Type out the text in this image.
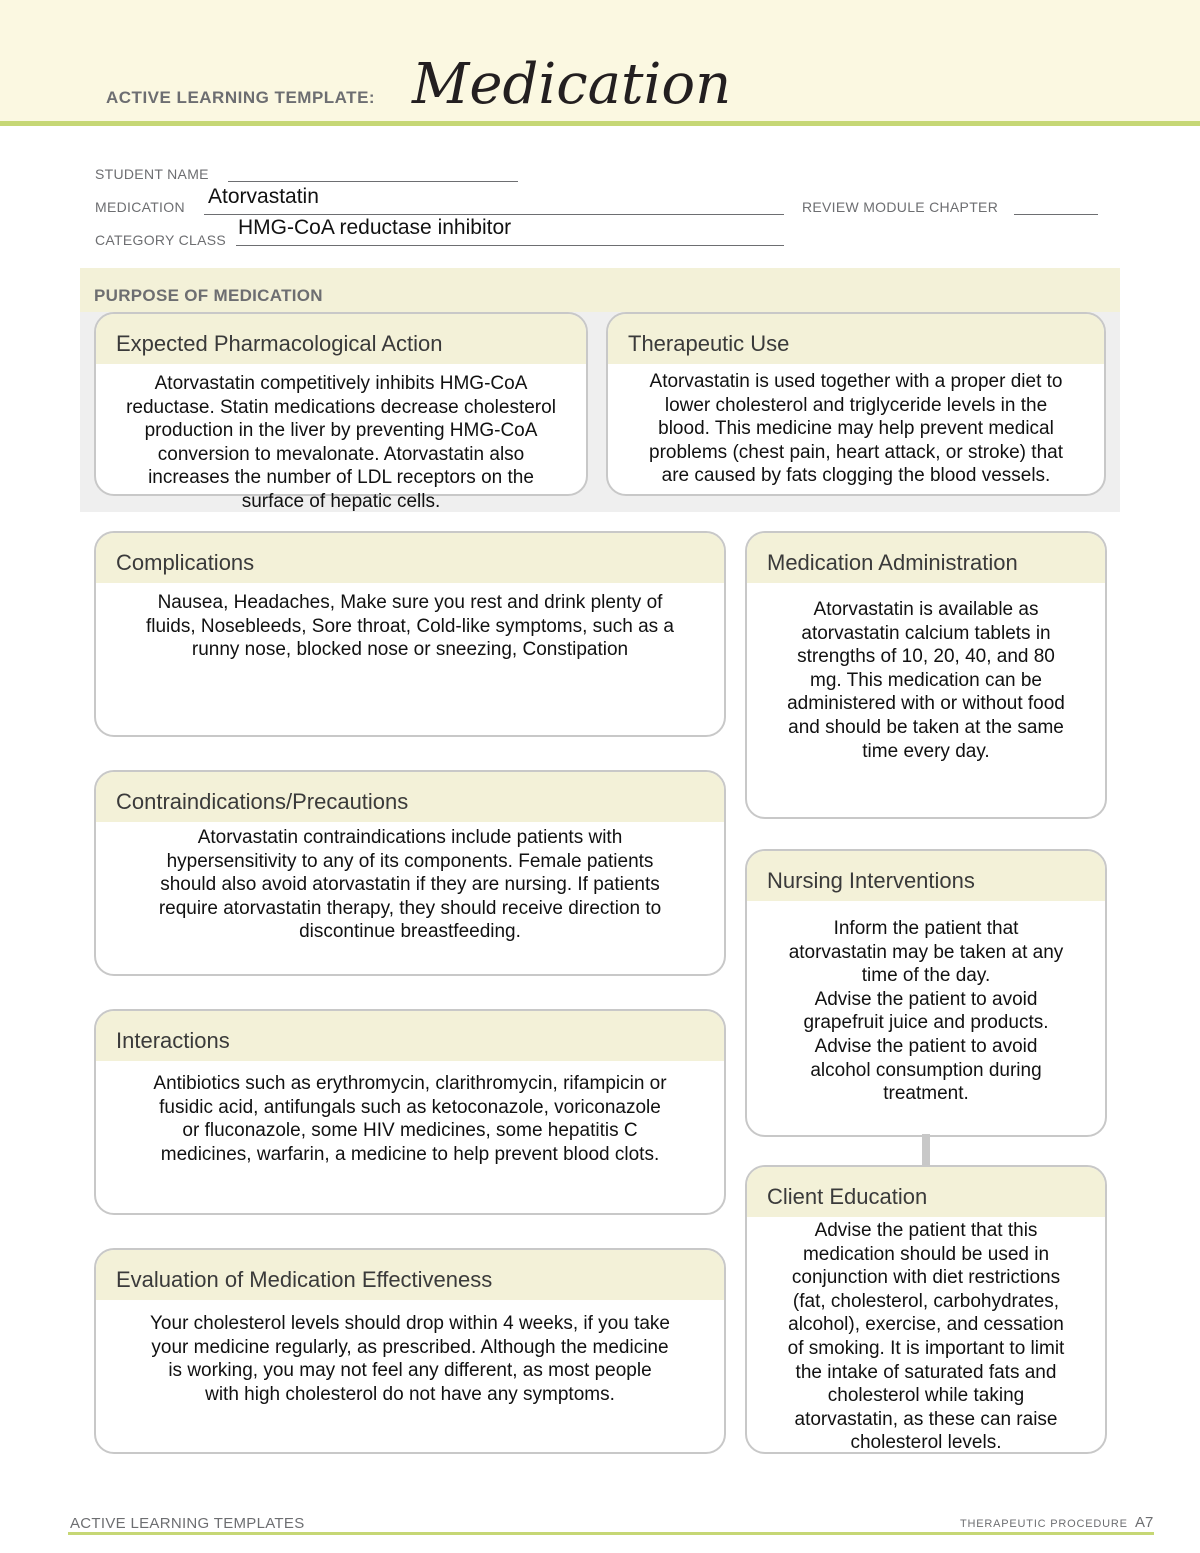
ACTIVE LEARNING TEMPLATE: Medication
STUDENT NAME
MEDICATION Atorvastatin	REVIEW MODULE CHAPTER
CATEGORY CLASS
HMG-CoA reductase inhibitor
PURPOSE OF MEDICATION
Expected Pharmacological Action
Atorvastatin competitively inhibits HMG-CoA
reductase. Statin medications decrease cholesterol
production in the liver by preventing HMG-CoA
conversion to mevalonate. Atorvastatin also
increases the number of LDL receptors on the
surface of hepatic cells.
Therapeutic Use
Atorvastatin is used together with a proper diet to
lower cholesterol and triglyceride levels in the
blood. This medicine may help prevent medical
problems (chest pain, heart attack, or stroke) that
are caused by fats clogging the blood vessels.
Complications
Nausea, Headaches, Make sure you rest and drink plenty of
fluids, Nosebleeds, Sore throat, Cold-like symptoms, such as a
runny nose, blocked nose or sneezing, Constipation
Contraindications/Precautions
Atorvastatin contraindications include patients with
hypersensitivity to any of its components. Female patients
should also avoid atorvastatin if they are nursing. If patients
require atorvastatin therapy, they should receive direction to
discontinue breastfeeding.
Interactions
Antibiotics such as erythromycin, clarithromycin, rifampicin or
fusidic acid, antifungals such as ketoconazole, voriconazole
or fluconazole, some HIV medicines, some hepatitis C
medicines, warfarin, a medicine to help prevent blood clots.
Evaluation of Medication Effectiveness
Your cholesterol levels should drop within 4 weeks, if you take
your medicine regularly, as prescribed. Although the medicine
is working, you may not feel any different, as most people
with high cholesterol do not have any symptoms.
Medication Administration
Atorvastatin is available as
atorvastatin calcium tablets in
strengths of 10, 20, 40, and 80
mg. This medication can be
administered with or without food
and should be taken at the same
time every day.
Nursing Interventions
Inform the patient that
atorvastatin may be taken at any
time of the day.
Advise the patient to avoid
grapefruit juice and products.
Advise the patient to avoid
alcohol consumption during
treatment.
Client Education
Advise the patient that this
medication should be used in
conjunction with diet restrictions
(fat, cholesterol, carbohydrates,
alcohol), exercise, and cessation
of smoking. It is important to limit
the intake of saturated fats and
cholesterol while taking
atorvastatin, as these can raise
cholesterol levels.
ACTIVE LEARNING TEMPLATES	THERAPEUTIC PROCEDURE A7
